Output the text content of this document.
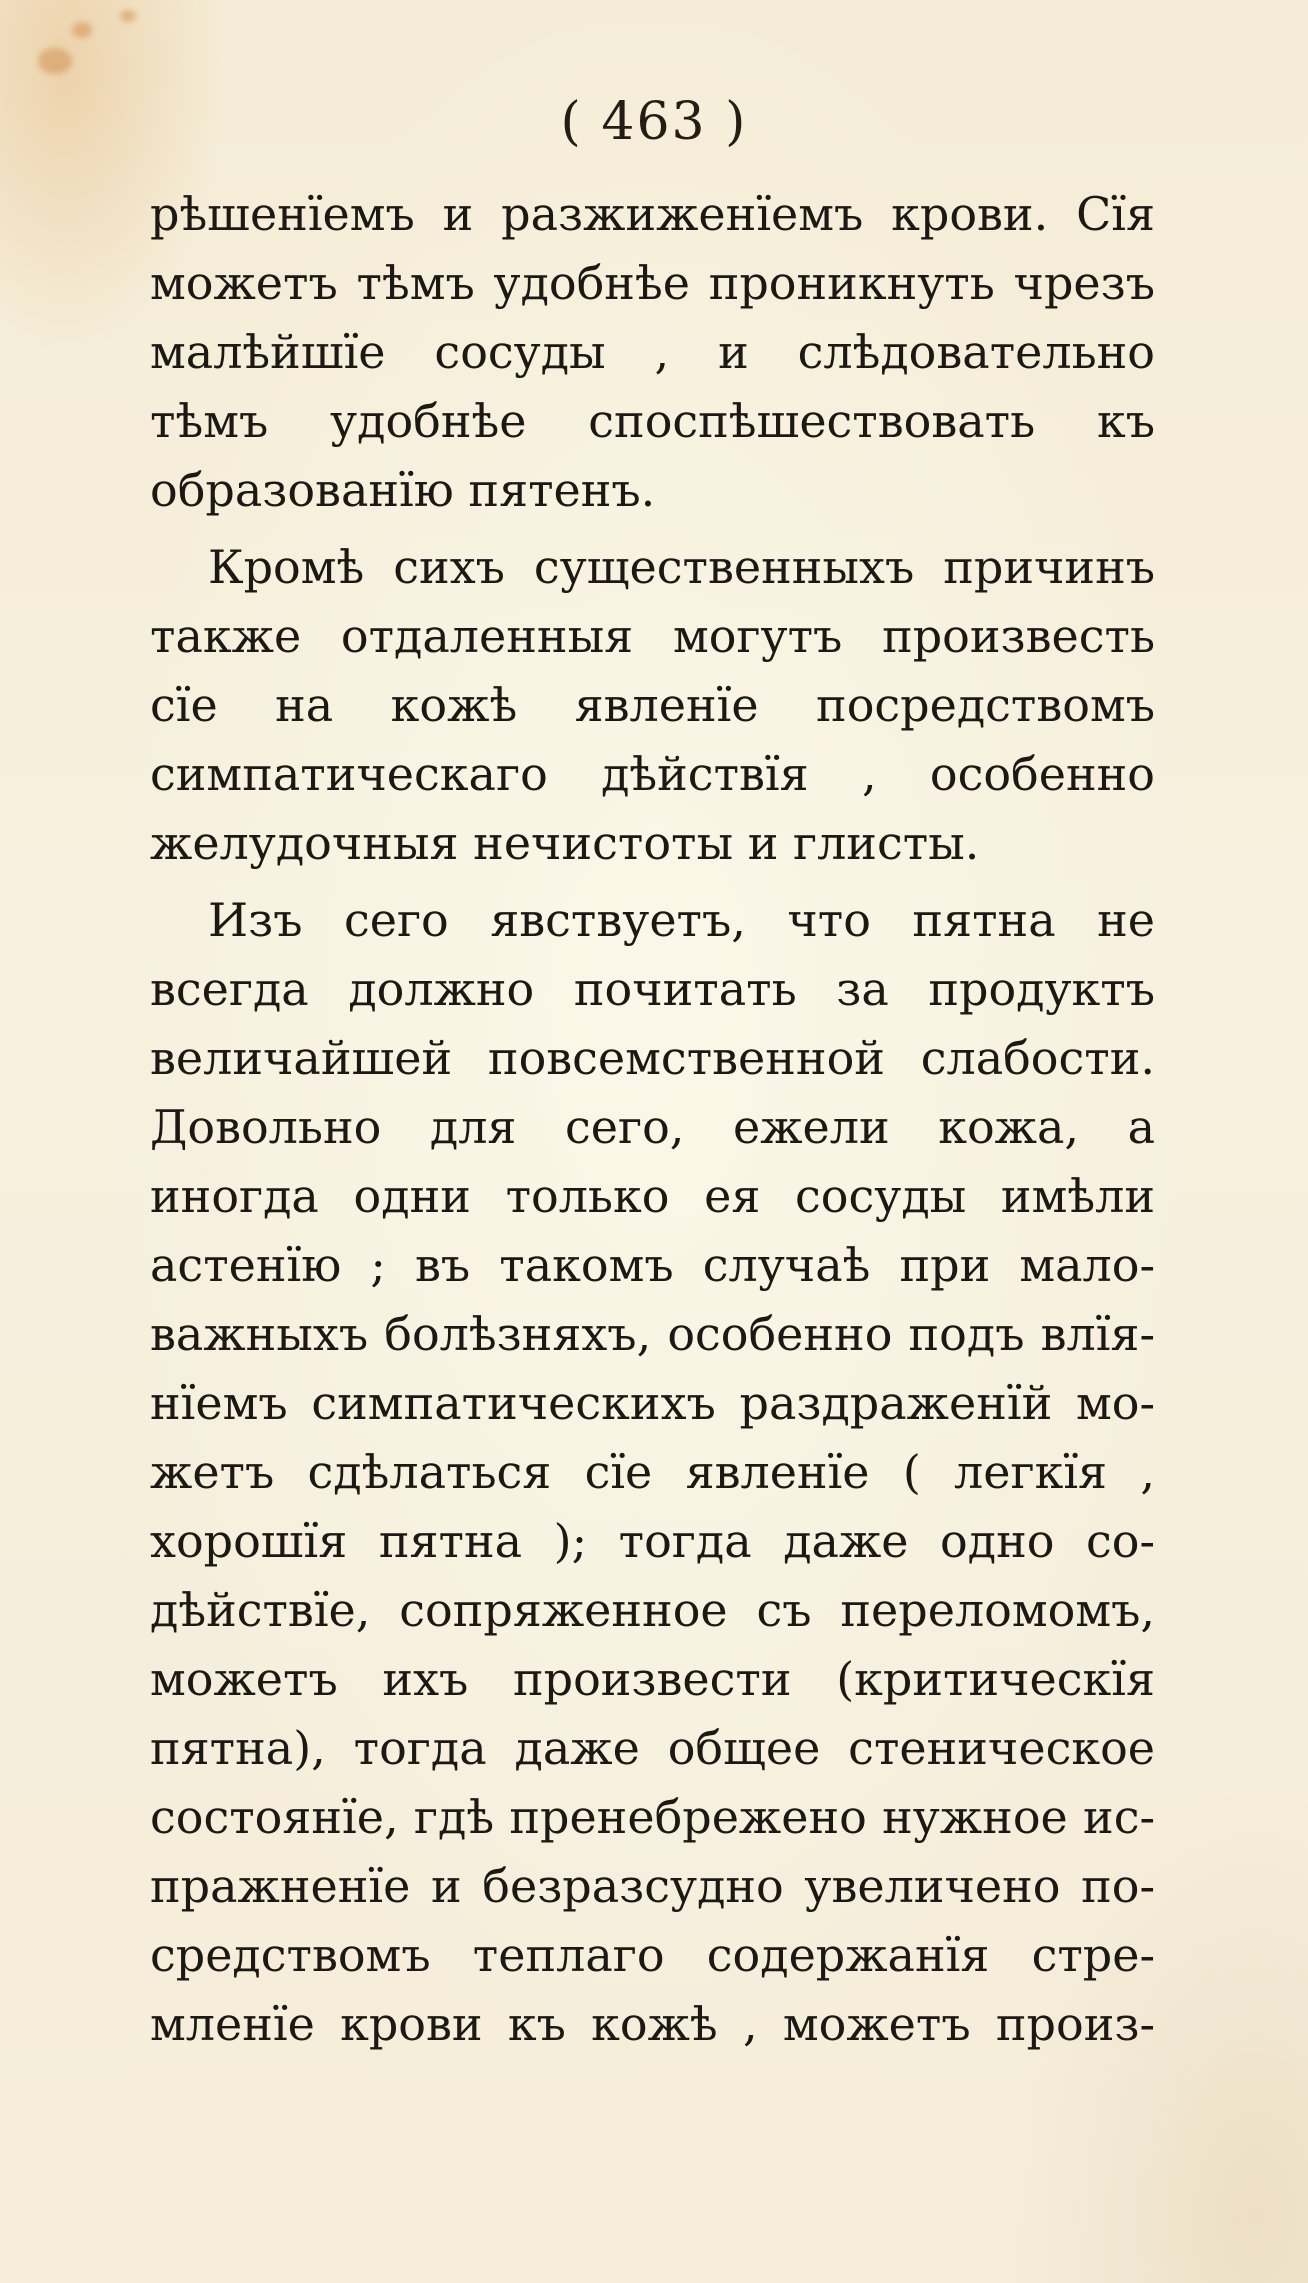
( 463 )
рѣшенїемъ и разжиженїемъ крови. Сїя
можетъ тѣмъ удобнѣе проникнуть чрезъ
малѣйшїе сосуды , и слѣдовательно
тѣмъ удобнѣе споспѣшествовать къ
образованїю пятенъ.
Кромѣ сихъ существенныхъ причинъ
также отдаленныя могутъ произвесть
сїе на кожѣ явленїе посредствомъ
симпатическаго дѣйствїя , особенно
желудочныя нечистоты и глисты.
Изъ сего явствуетъ, что пятна не
всегда должно почитать за продуктъ
величайшей повсемственной слабости.
Довольно для сего, ежели кожа, а
иногда одни только ея сосуды имѣли
астенїю ; въ такомъ случаѣ при мало-
важныхъ болѣзняхъ, особенно подъ влїя-
нїемъ симпатическихъ раздраженїй мо-
жетъ сдѣлаться сїе явленїе ( легкїя ,
хорошїя пятна ); тогда даже одно со-
дѣйствїе, сопряженное съ переломомъ,
можетъ ихъ произвести (критическїя
пятна), тогда даже общее стеническое
состоянїе, гдѣ пренебрежено нужное ис-
пражненїе и безразсудно увеличено по-
средствомъ теплаго содержанїя стре-
мленїе крови къ кожѣ , можетъ произ-
